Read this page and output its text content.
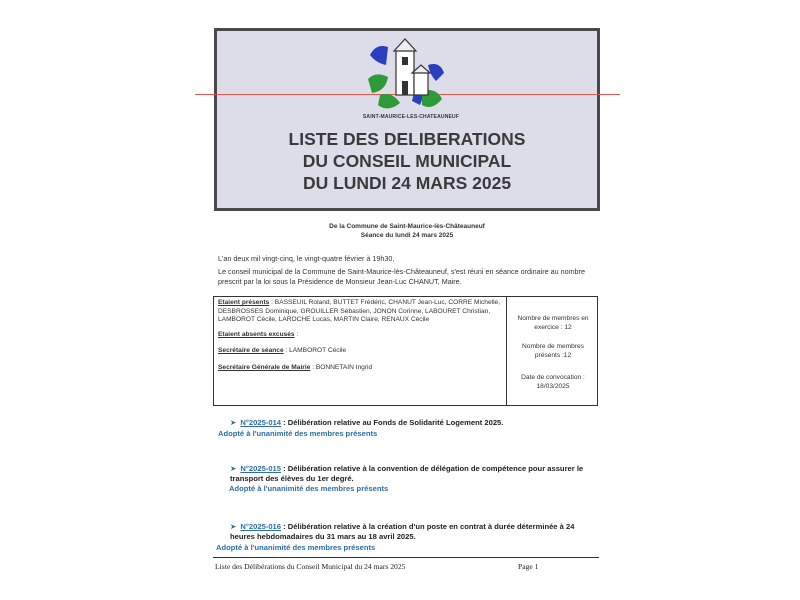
SAINT-MAURICE-LES-CHATEAUNEUF
LISTE DES DELIBERATIONS
DU CONSEIL MUNICIPAL
DU LUNDI 24 MARS 2025
De la Commune de Saint-Maurice-lès-Châteauneuf
Séance du lundi 24 mars 2025
L'an deux mil vingt-cinq, le vingt-quatre février à 19h30,
Le conseil municipal de la Commune de Saint-Maurice-lès-Châteauneuf, s'est réuni en séance ordinaire au nombre prescrit par la loi sous la Présidence de Monsieur Jean-Luc CHANUT, Maire.
Etaient présents : BASSEUIL Roland, BUTTET Frédéric, CHANUT Jean-Luc, CORRE Michelle, DESBROSSES Dominique, GROUILLER Sébastien, JONON Corinne, LABOURET Christian, LAMBOROT Cécile, LAROCHE Lucas, MARTIN Claire, RENAUX Cécile
Etaient absents excusés :
Secrétaire de séance : LAMBOROT Cécile
Secrétaire Générale de Mairie : BONNETAIN Ingrid
Nombre de membres en exercice : 12
Nombre de membres présents :12
Date de convocation :
18/03/2025
➤ N°2025-014 : Délibération relative au Fonds de Solidarité Logement 2025.
Adopté à l'unanimité des membres présents
➤ N°2025-015 : Délibération relative à la convention de délégation de compétence pour assurer le transport des élèves du 1er degré.
Adopté à l'unanimité des membres présents
➤ N°2025-016 : Délibération relative à la création d'un poste en contrat à durée déterminée à 24 heures hebdomadaires du 31 mars au 18 avril 2025.
Adopté à l'unanimité des membres présents
Liste des Délibérations du Conseil Municipal du 24 mars 2025	Page 1
